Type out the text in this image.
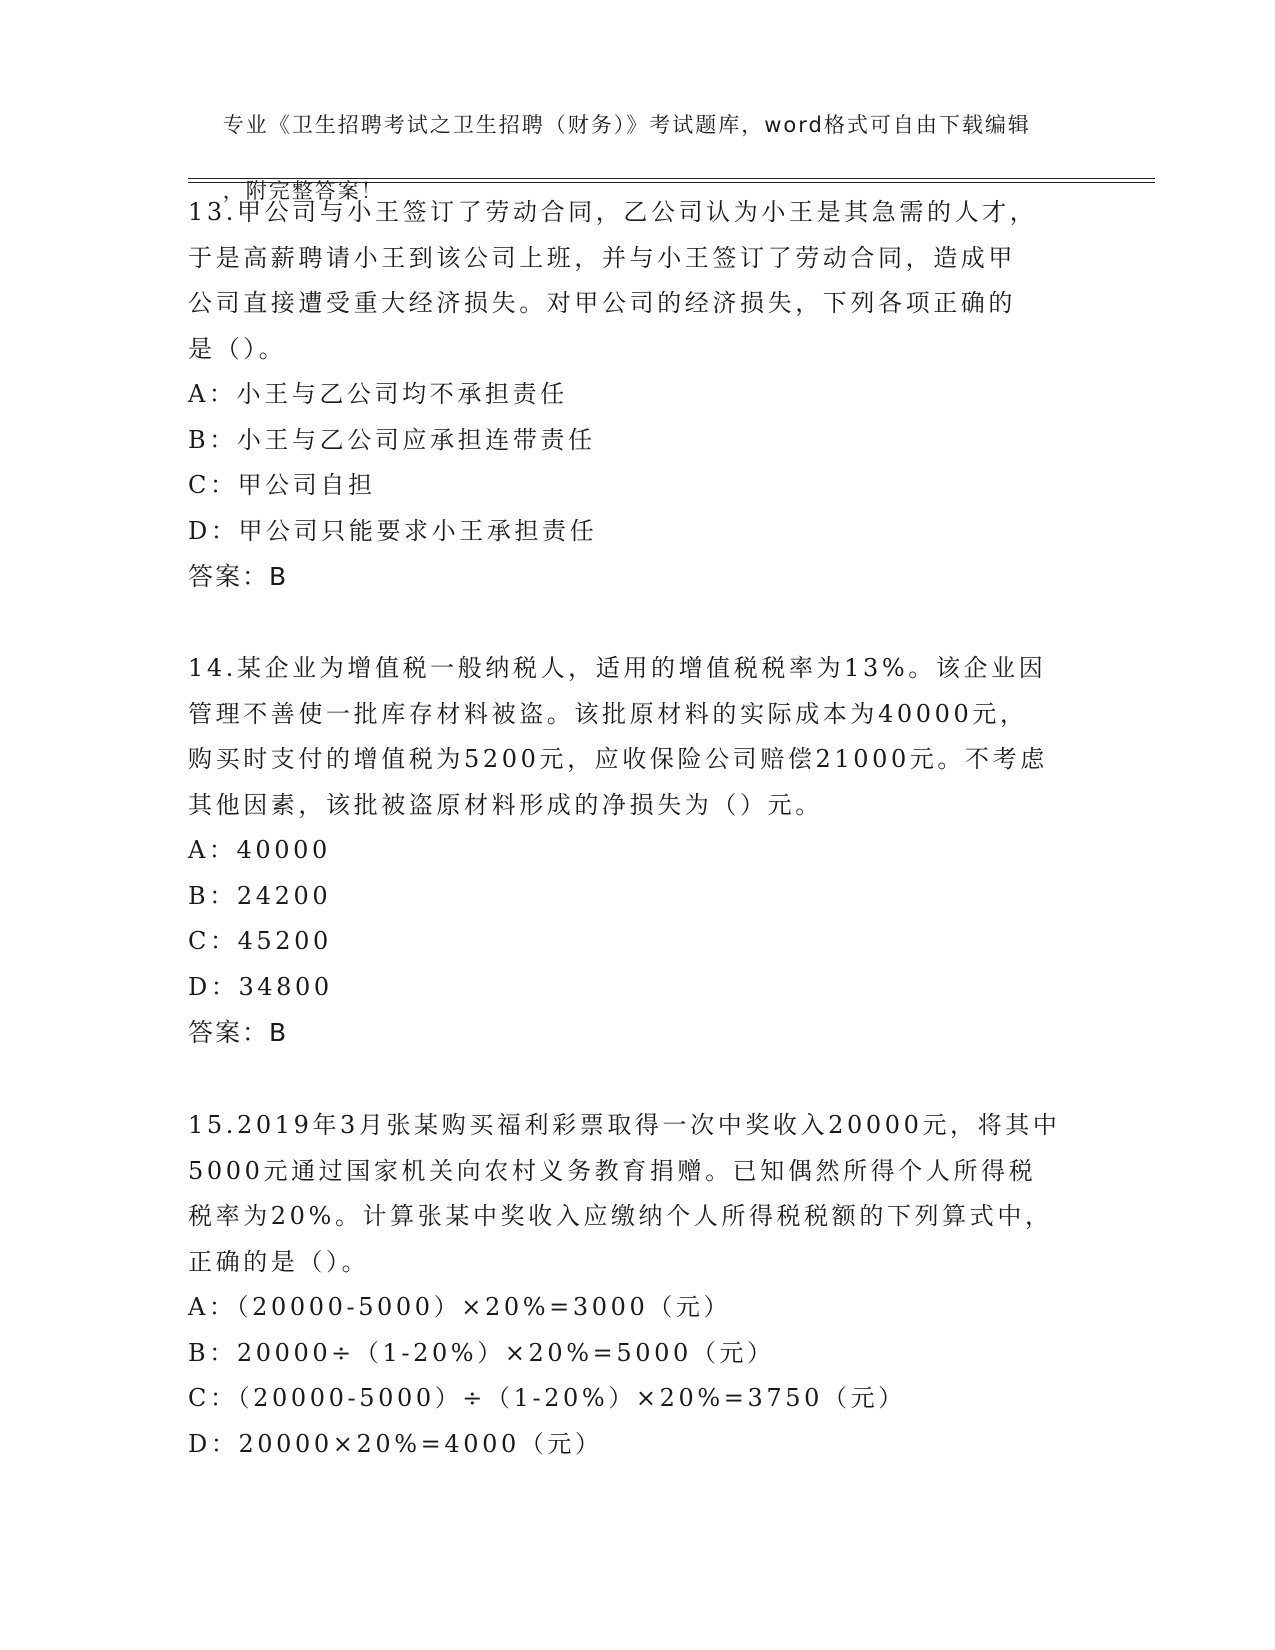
专业《卫生招聘考试之卫生招聘（财务）》考试题库，word格式可自由下载编辑

，附完整答案！

13.甲公司与小王签订了劳动合同，乙公司认为小王是其急需的人才，
于是高薪聘请小王到该公司上班，并与小王签订了劳动合同，造成甲
公司直接遭受重大经济损失。对甲公司的经济损失，下列各项正确的
是（）。
A：小王与乙公司均不承担责任
B：小王与乙公司应承担连带责任
C：甲公司自担
D：甲公司只能要求小王承担责任
答案：B
14.某企业为增值税一般纳税人，适用的增值税税率为13%。该企业因
管理不善使一批库存材料被盗。该批原材料的实际成本为40000元，
购买时支付的增值税为5200元，应收保险公司赔偿21000元。不考虑
其他因素，该批被盗原材料形成的净损失为（）元。
A：40000
B：24200
C：45200
D：34800
答案：B
15.2019年3月张某购买福利彩票取得一次中奖收入20000元，将其中
5000元通过国家机关向农村义务教育捐赠。已知偶然所得个人所得税
税率为20%。计算张某中奖收入应缴纳个人所得税税额的下列算式中，
正确的是（）。
A：（20000-5000）×20%=3000（元）
B：20000÷（1-20%）×20%=5000（元）
C：（20000-5000）÷（1-20%）×20%=3750（元）
D：20000×20%=4000（元）
